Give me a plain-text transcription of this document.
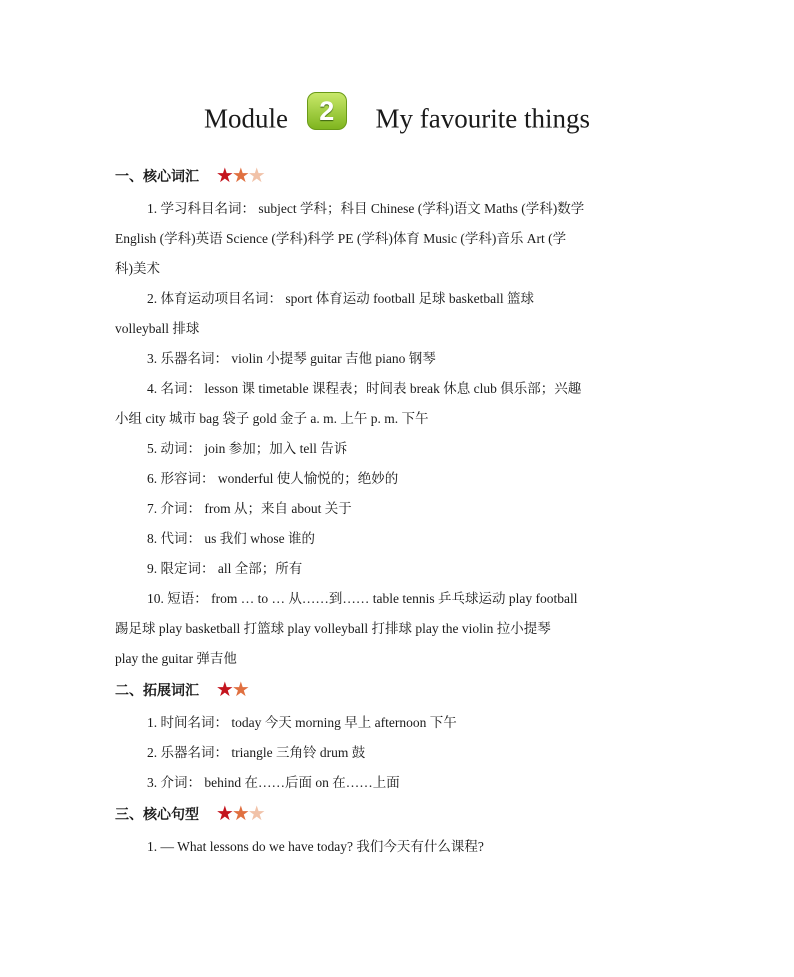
Module 2 My favourite things
一、核心词汇 ★★★
1. 学习科目名词： subject 学科；科目 Chinese (学科)语文 Maths (学科)数学
English (学科)英语 Science (学科)科学 PE (学科)体育 Music (学科)音乐 Art (学
科)美术
2. 体育运动项目名词： sport 体育运动 football 足球 basketball 篮球
volleyball 排球
3. 乐器名词： violin 小提琴 guitar 吉他 piano 钢琴
4. 名词： lesson 课 timetable 课程表；时间表 break 休息 club 俱乐部；兴趣
小组 city 城市 bag 袋子 gold 金子 a. m. 上午 p. m. 下午
5. 动词： join 参加；加入 tell 告诉
6. 形容词： wonderful 使人愉悦的；绝妙的
7. 介词： from 从；来自 about 关于
8. 代词： us 我们 whose 谁的
9. 限定词： all 全部；所有
10. 短语： from … to … 从……到…… table tennis 乒乓球运动 play football
踢足球 play basketball 打篮球 play volleyball 打排球 play the violin 拉小提琴
play the guitar 弹吉他
二、拓展词汇 ★★
1. 时间名词： today 今天 morning 早上 afternoon 下午
2. 乐器名词： triangle 三角铃 drum 鼓
3. 介词： behind 在……后面 on 在……上面
三、核心句型 ★★★
1. — What lessons do we have today? 我们今天有什么课程?
